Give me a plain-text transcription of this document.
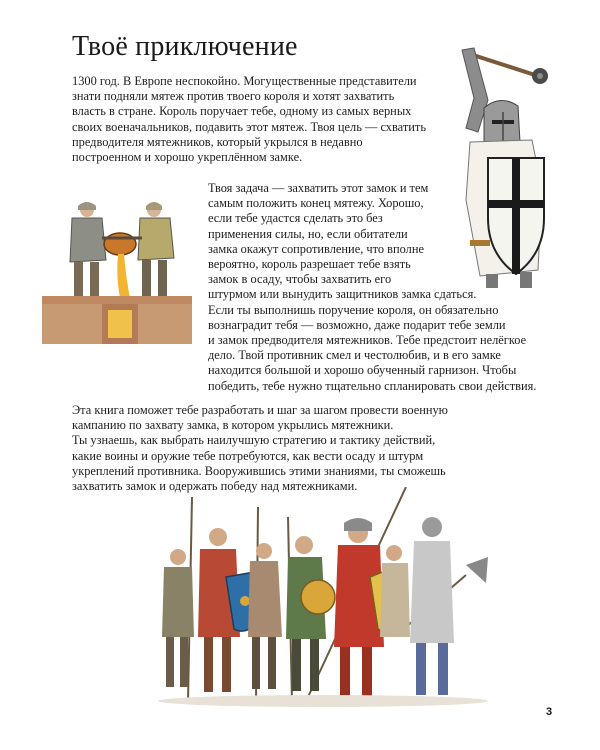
Твоё приключение

1300 год. В Европе неспокойно. Могущественные представители
знати подняли мятеж против твоего короля и хотят захватить
власть в стране. Король поручает тебе, одному из самых верных
своих военачальников, подавить этот мятеж. Твоя цель — схватить
предводителя мятежников, который укрылся в недавно
построенном и хорошо укреплённом замке.

Твоя задача — захватить этот замок и тем
самым положить конец мятежу. Хорошо,
если тебе удастся сделать это без
применения силы, но, если обитатели
замка окажут сопротивление, что вполне
вероятно, король разрешает тебе взять
замок в осаду, чтобы захватить его
штурмом или вынудить защитников замка сдаться.
Если ты выполнишь поручение короля, он обязательно
вознаградит тебя — возможно, даже подарит тебе земли
и замок предводителя мятежников. Тебе предстоит нелёгкое
дело. Твой противник смел и честолюбив, и в его замке
находится большой и хорошо обученный гарнизон. Чтобы
победить, тебе нужно тщательно спланировать свои действия.

Эта книга поможет тебе разработать и шаг за шагом провести военную
кампанию по захвату замка, в котором укрылись мятежники.
Ты узнаешь, как выбрать наилучшую стратегию и тактику действий,
какие воины и оружие тебе потребуются, как вести осаду и штурм
укреплений противника. Вооружившись этими знаниями, ты сможешь
захватить замок и одержать победу над мятежниками.

3
